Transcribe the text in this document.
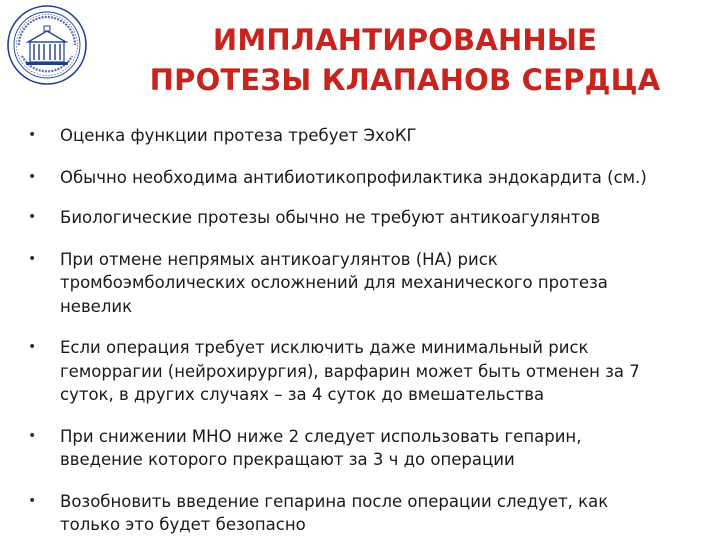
ИМПЛАНТИРОВАННЫЕ
ПРОТЕЗЫ КЛАПАНОВ СЕРДЦА
• Оценка функции протеза требует ЭхоКГ
• Обычно необходима антибиотикопрофилактика эндокардита (см.)
• Биологические протезы обычно не требуют антикоагулянтов
• При отмене непрямых антикоагулянтов (НА) риск
тромбоэмболических осложнений для механического протеза
невелик
• Если операция требует исключить даже минимальный риск
геморрагии (нейрохирургия), варфарин может быть отменен за 7
суток, в других случаях – за 4 суток до вмешательства
• При снижении МНО ниже 2 следует использовать гепарин,
введение которого прекращают за 3 ч до операции
• Возобновить введение гепарина после операции следует, как
только это будет безопасно
